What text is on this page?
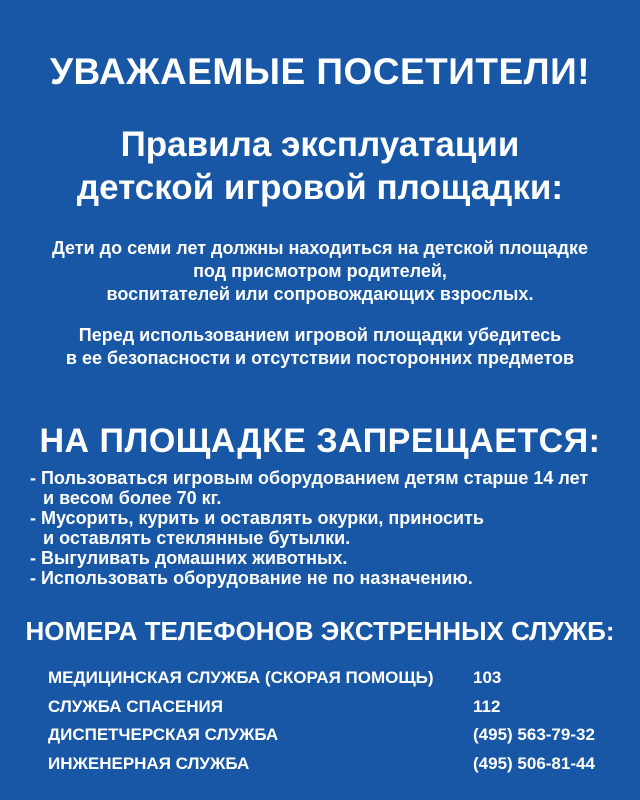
УВАЖАЕМЫЕ ПОСЕТИТЕЛИ!
Правила эксплуатации
детской игровой площадки:
Дети до семи лет должны находиться на детской площадке
под присмотром родителей,
воспитателей или сопровождающих взрослых.
Перед использованием игровой площадки убедитесь
в ее безопасности и отсутствии посторонних предметов
НА ПЛОЩАДКЕ ЗАПРЕЩАЕТСЯ:
- Пользоваться игровым оборудованием детям старше 14 лет
и весом более 70 кг.
- Мусорить, курить и оставлять окурки, приносить
и оставлять стеклянные бутылки.
- Выгуливать домашних животных.
- Использовать оборудование не по назначению.
НОМЕРА ТЕЛЕФОНОВ ЭКСТРЕННЫХ СЛУЖБ:
МЕДИЦИНСКАЯ СЛУЖБА (СКОРАЯ ПОМОЩЬ)	103
СЛУЖБА СПАСЕНИЯ	112
ДИСПЕТЧЕРСКАЯ СЛУЖБА	(495) 563-79-32
ИНЖЕНЕРНАЯ СЛУЖБА	(495) 506-81-44
